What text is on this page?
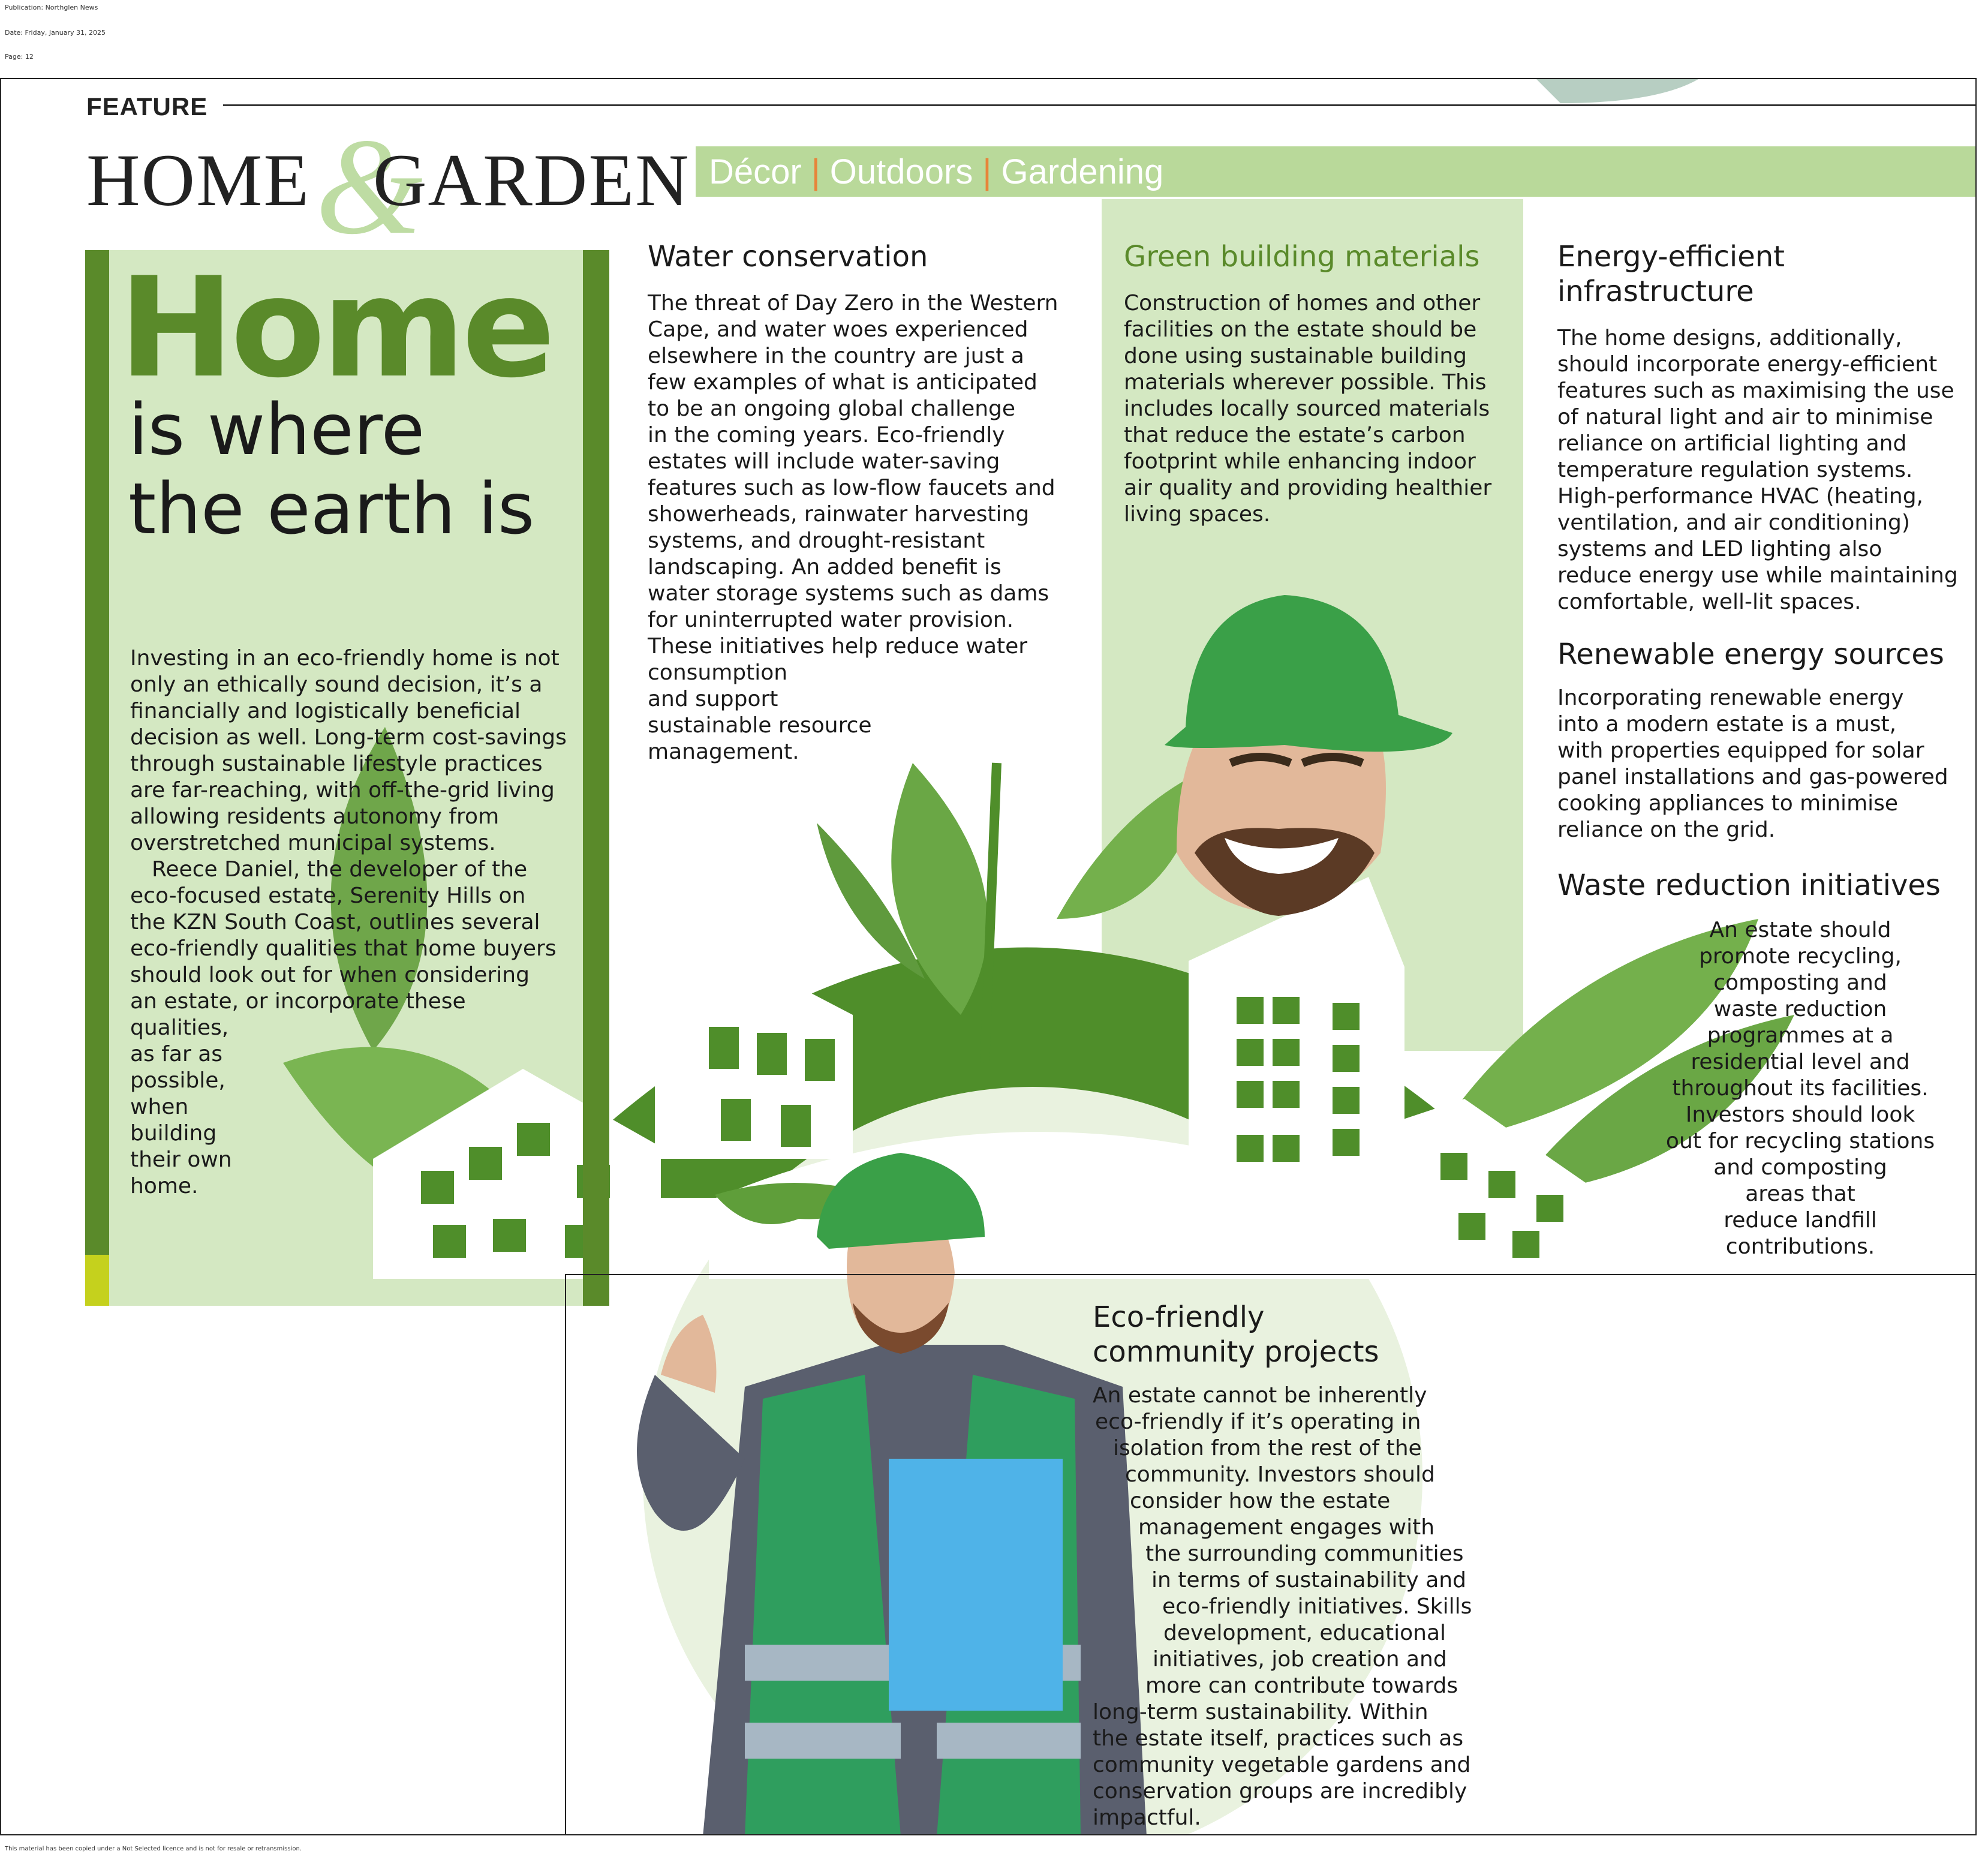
Publication: Northglen News
Date: Friday, January 31, 2025
Page: 12
FEATURE
&
HOME GARDEN Décor | Outdoors | Gardening
Home
is where
the earth is

Investing in an eco-friendly home is not only an ethically sound decision, it’s a financially and logistically beneficial decision as well. Long-term cost-savings through sustainable lifestyle practices are far-reaching, with off-the-grid living allowing residents autonomy from overstretched municipal systems.

Reece Daniel, the developer of the
eco-focused estate, Serenity Hills on
the KZN South Coast, outlines several
eco-friendly qualities that home buyers
should look out for when considering
an estate, or incorporate these
qualities,
as far as
possible,
when
building
their own
home.
Water conservation
The threat of Day Zero in the Western
Cape, and water woes experienced
elsewhere in the country are just a
few examples of what is anticipated
to be an ongoing global challenge
in the coming years. Eco-friendly
estates will include water-saving
features such as low-flow faucets and
showerheads, rainwater harvesting
systems, and drought-resistant
landscaping. An added benefit is
water storage systems such as dams
for uninterrupted water provision.
These initiatives help reduce water
consumption
and support
sustainable resource
management.
Green building materials
Construction of homes and other
facilities on the estate should be
done using sustainable building
materials wherever possible. This
includes locally sourced materials
that reduce the estate’s carbon
footprint while enhancing indoor
air quality and providing healthier
living spaces.
Energy-efficient
infrastructure
The home designs, additionally,
should incorporate energy-efficient
features such as maximising the use
of natural light and air to minimise
reliance on artificial lighting and
temperature regulation systems.
High-performance HVAC (heating,
ventilation, and air conditioning)
systems and LED lighting also
reduce energy use while maintaining
comfortable, well-lit spaces.
Renewable energy sources
Incorporating renewable energy
into a modern estate is a must,
with properties equipped for solar
panel installations and gas-powered
cooking appliances to minimise
reliance on the grid.
Waste reduction initiatives
An estate should
promote recycling,
composting and
waste reduction
programmes at a
residential level and
throughout its facilities.
Investors should look
out for recycling stations
and composting
areas that
reduce landfill
contributions.
Eco-friendly
community projects
An estate cannot be inherently
eco-friendly if it’s operating in
isolation from the rest of the
community. Investors should
consider how the estate
management engages with
the surrounding communities
in terms of sustainability and
eco-friendly initiatives. Skills
development, educational
initiatives, job creation and
more can contribute towards
long-term sustainability. Within
the estate itself, practices such as
community vegetable gardens and
conservation groups are incredibly
impactful.
This material has been copied under a Not Selected licence and is not for resale or retransmission.
